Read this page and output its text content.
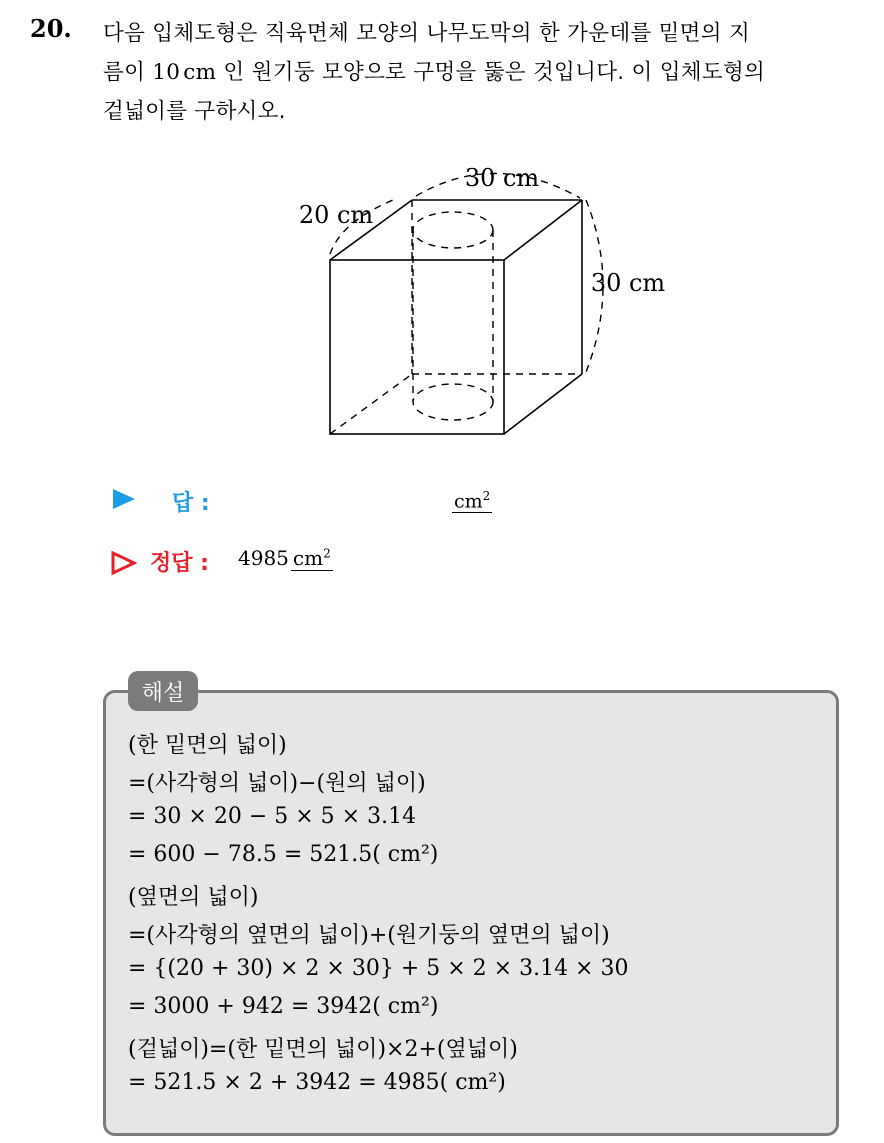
20. 다음 입체도형은 직육면체 모양의 나무도막의 한 가운데를 밑면의 지
름이 10 cm 인 원기둥 모양으로 구멍을 뚫은 것입니다. 이 입체도형의
겉넓이를 구하시오.
30 cm
20 cm
30 cm
답 :	$cm^2$
정답 : 4985 $cm^2$
해설
(한 밑면의 넓이)
=(사각형의 넓이)−(원의 넓이)
= 30 × 20 − 5 × 5 × 3.14
= 600 − 78.5 = 521.5( cm²)
(옆면의 넓이)
=(사각형의 옆면의 넓이)+(원기둥의 옆면의 넓이)
= {(20 + 30) × 2 × 30} + 5 × 2 × 3.14 × 30
= 3000 + 942 = 3942( cm²)
(겉넓이)=(한 밑면의 넓이)×2+(옆넓이)
= 521.5 × 2 + 3942 = 4985( cm²)
